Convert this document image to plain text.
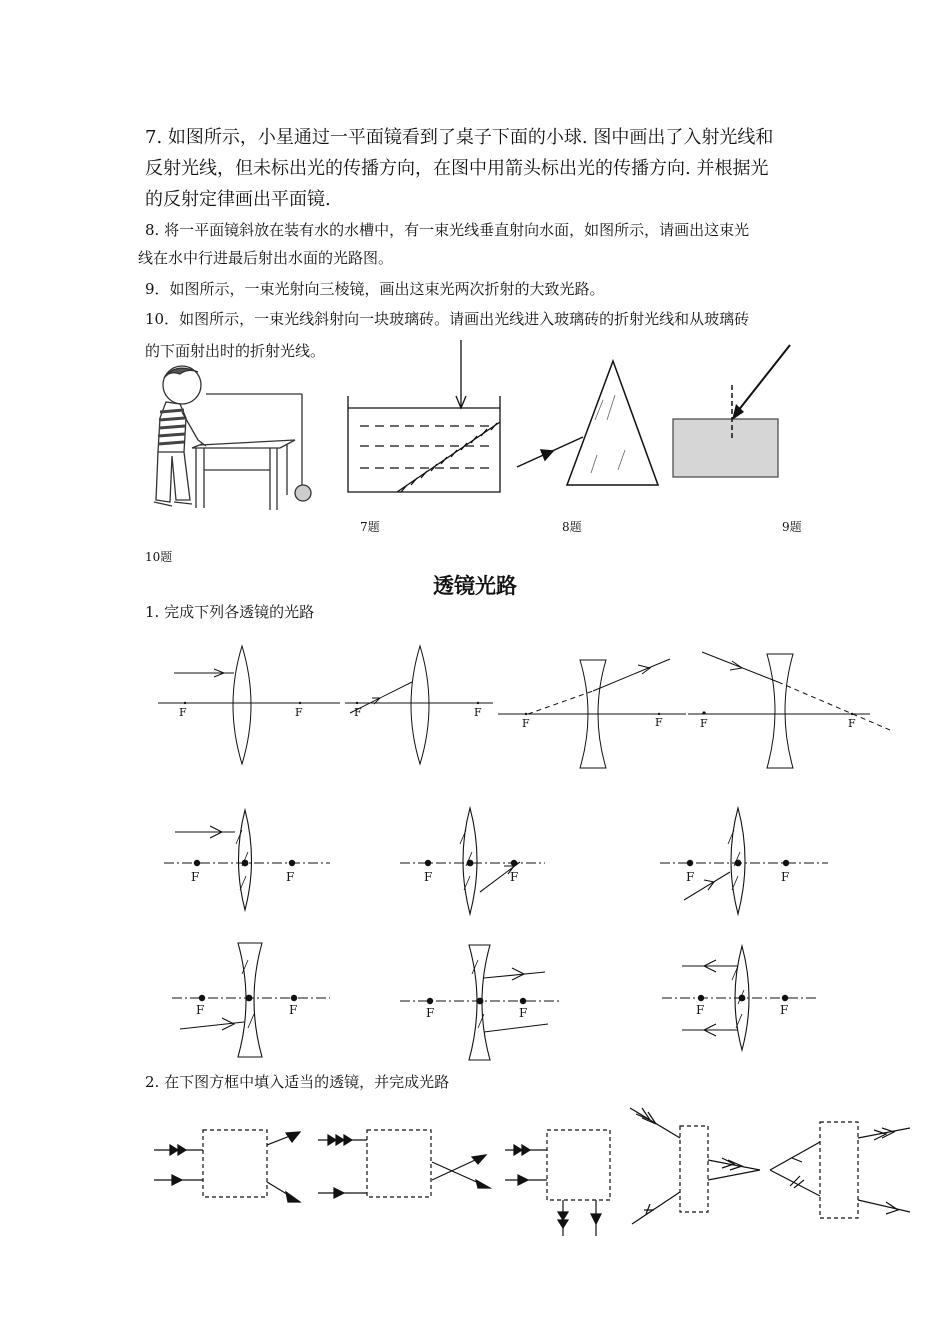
7. 如图所示，小星通过一平面镜看到了桌子下面的小球. 图中画出了入射光线和
反射光线，但未标出光的传播方向，在图中用箭头标出光的传播方向. 并根据光
的反射定律画出平面镜.
8. 将一平面镜斜放在装有水的水槽中，有一束光线垂直射向水面，如图所示，请画出这束光
线在水中行进最后射出水面的光路图。
9．如图所示，一束光射向三棱镜，画出这束光两次折射的大致光路。
10．如图所示，一束光线斜射向一块玻璃砖。请画出光线进入玻璃砖的折射光线和从玻璃砖
的下面射出时的折射光线。
7题	8题	9题
10题
透镜光路
1. 完成下列各透镜的光路
F	F	F	F
F	F	F	F
F	F	F	F	F	F
F	F	F	F	F	F
2. 在下图方框中填入适当的透镜，并完成光路
